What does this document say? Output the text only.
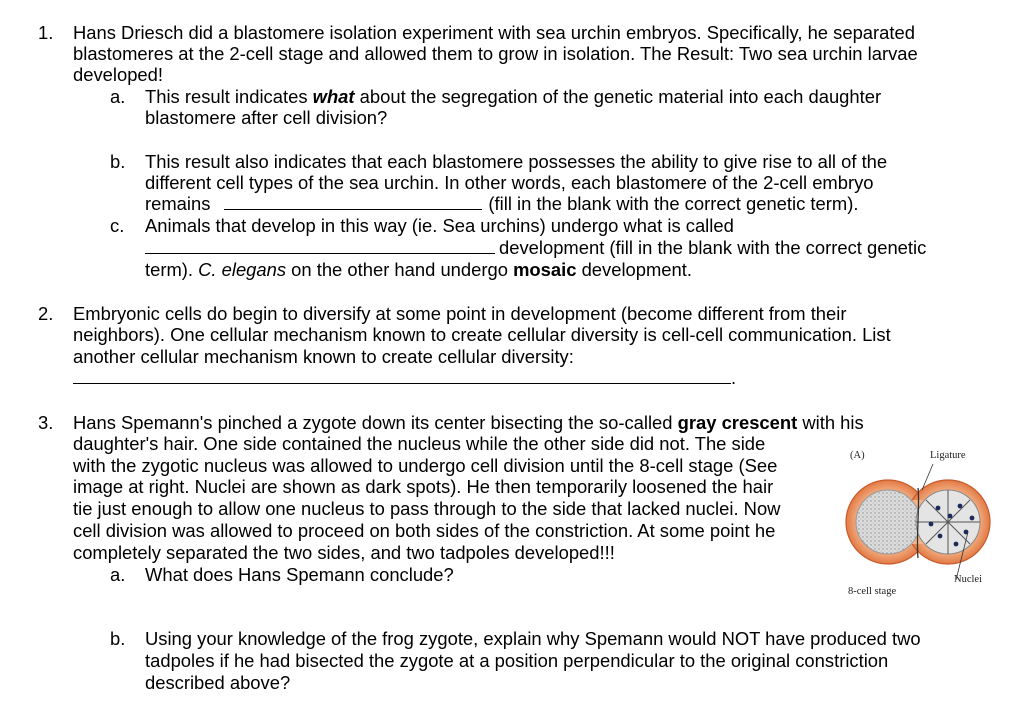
1. Hans Driesch did a blastomere isolation experiment with sea urchin embryos. Specifically, he separated
blastomeres at the 2-cell stage and allowed them to grow in isolation. The Result: Two sea urchin larvae
developed!
a. This result indicates what about the segregation of the genetic material into each daughter
blastomere after cell division?
b. This result also indicates that each blastomere possesses the ability to give rise to all of the
different cell types of the sea urchin. In other words, each blastomere of the 2-cell embryo
remains	(fill in the blank with the correct genetic term).
c. Animals that develop in this way (ie. Sea urchins) undergo what is called
development (fill in the blank with the correct genetic
term). C. elegans on the other hand undergo mosaic development.
2. Embryonic cells do begin to diversify at some point in development (become different from their
neighbors). One cellular mechanism known to create cellular diversity is cell-cell communication. List
another cellular mechanism known to create cellular diversity:
.
3. Hans Spemann's pinched a zygote down its center bisecting the so-called gray crescent with his
daughter's hair. One side contained the nucleus while the other side did not. The side
with the zygotic nucleus was allowed to undergo cell division until the 8-cell stage (See
image at right. Nuclei are shown as dark spots). He then temporarily loosened the hair
tie just enough to allow one nucleus to pass through to the side that lacked nuclei. Now
cell division was allowed to proceed on both sides of the constriction. At some point he
completely separated the two sides, and two tadpoles developed!!!
a. What does Hans Spemann conclude?
b. Using your knowledge of the frog zygote, explain why Spemann would NOT have produced two
tadpoles if he had bisected the zygote at a position perpendicular to the original constriction
described above?
(A)	Ligature
Nuclei
8-cell stage
